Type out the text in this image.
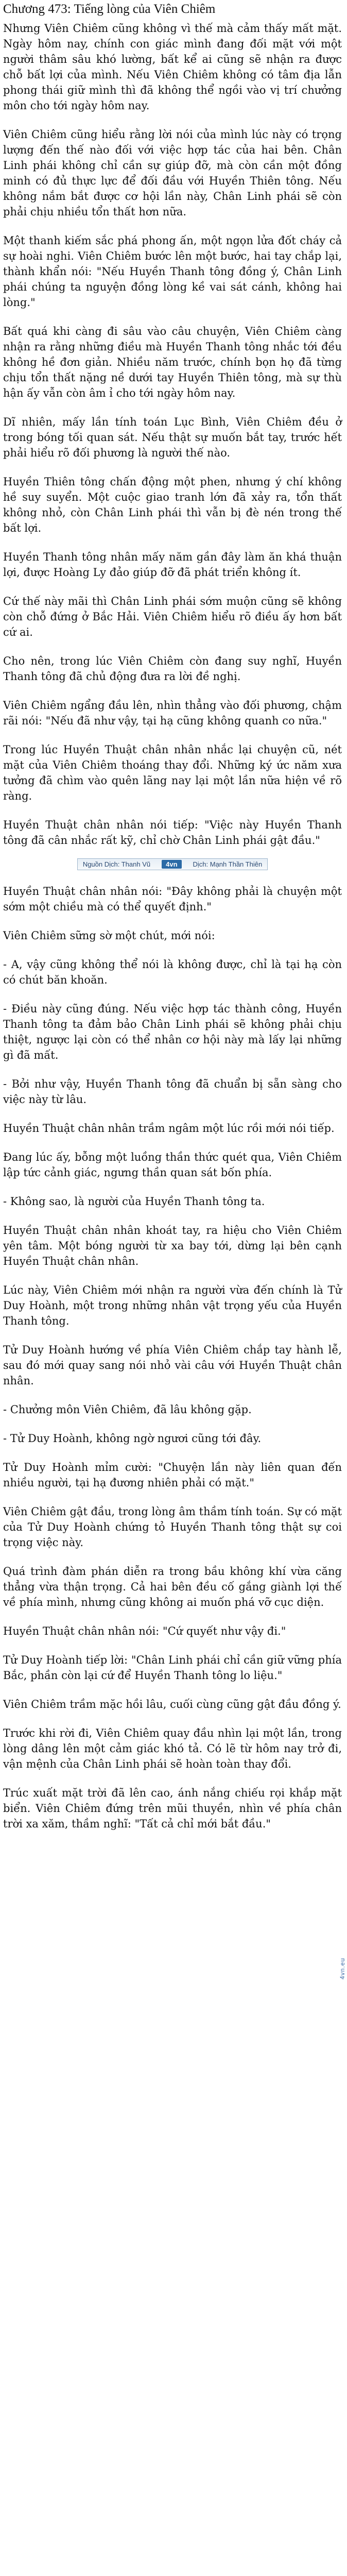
Chương 473: Tiếng lòng của Viên Chiêm

Nhưng Viên Chiêm cũng không vì thế mà cảm thấy mất mặt. Ngày hôm nay, chính con giác mình đang đối mặt với một người thâm sâu khó lường, bất kể ai cũng sẽ nhận ra được chỗ bất lợi của mình. Nếu Viên Chiêm không có tâm địa lẫn phong thái giữ mình thì đã không thể ngồi vào vị trí chưởng môn cho tới ngày hôm nay.

Viên Chiêm cũng hiểu rằng lời nói của mình lúc này có trọng lượng đến thế nào đối với việc hợp tác của hai bên. Chân Linh phái không chỉ cần sự giúp đỡ, mà còn cần một đồng minh có đủ thực lực để đối đầu với Huyền Thiên tông. Nếu không nắm bắt được cơ hội lần này, Chân Linh phái sẽ còn phải chịu nhiều tổn thất hơn nữa.

Một thanh kiếm sắc phá phong ấn, một ngọn lửa đốt cháy cả sự hoài nghi. Viên Chiêm bước lên một bước, hai tay chắp lại, thành khẩn nói: "Nếu Huyền Thanh tông đồng ý, Chân Linh phái chúng ta nguyện đồng lòng kề vai sát cánh, không hai lòng."

Bất quá khi càng đi sâu vào câu chuyện, Viên Chiêm càng nhận ra rằng những điều mà Huyền Thanh tông nhắc tới đều không hề đơn giản. Nhiều năm trước, chính bọn họ đã từng chịu tổn thất nặng nề dưới tay Huyền Thiên tông, mà sự thù hận ấy vẫn còn âm ỉ cho tới ngày hôm nay.

Dĩ nhiên, mấy lần tính toán Lục Bình, Viên Chiêm đều ở trong bóng tối quan sát. Nếu thật sự muốn bắt tay, trước hết phải hiểu rõ đối phương là người thế nào.

Huyền Thiên tông chấn động một phen, nhưng ý chí không hề suy suyển. Một cuộc giao tranh lớn đã xảy ra, tổn thất không nhỏ, còn Chân Linh phái thì vẫn bị đè nén trong thế bất lợi.

Huyền Thanh tông nhân mấy năm gần đây làm ăn khá thuận lợi, được Hoàng Ly đảo giúp đỡ đã phát triển không ít.

Cứ thế này mãi thì Chân Linh phái sớm muộn cũng sẽ không còn chỗ đứng ở Bắc Hải. Viên Chiêm hiểu rõ điều ấy hơn bất cứ ai.

Cho nên, trong lúc Viên Chiêm còn đang suy nghĩ, Huyền Thanh tông đã chủ động đưa ra lời đề nghị.

Viên Chiêm ngẩng đầu lên, nhìn thẳng vào đối phương, chậm rãi nói: "Nếu đã như vậy, tại hạ cũng không quanh co nữa."

Trong lúc Huyền Thuật chân nhân nhắc lại chuyện cũ, nét mặt của Viên Chiêm thoáng thay đổi. Những ký ức năm xưa tưởng đã chìm vào quên lãng nay lại một lần nữa hiện về rõ ràng.

Huyền Thuật chân nhân nói tiếp: "Việc này Huyền Thanh tông đã cân nhắc rất kỹ, chỉ chờ Chân Linh phái gật đầu."

Nguồn Dịch: Thanh Vũ	4vn	Dịch: Mạnh Thần Thiên

Huyền Thuật chân nhân nói: "Đây không phải là chuyện một sớm một chiều mà có thể quyết định."

Viên Chiêm sững sờ một chút, mới nói:

- A, vậy cũng không thể nói là không được, chỉ là tại hạ còn có chút băn khoăn.

- Điều này cũng đúng. Nếu việc hợp tác thành công, Huyền Thanh tông ta đảm bảo Chân Linh phái sẽ không phải chịu thiệt, ngược lại còn có thể nhân cơ hội này mà lấy lại những gì đã mất.

- Bởi như vậy, Huyền Thanh tông đã chuẩn bị sẵn sàng cho việc này từ lâu.

Huyền Thuật chân nhân trầm ngâm một lúc rồi mới nói tiếp.

Đang lúc ấy, bỗng một luồng thần thức quét qua, Viên Chiêm lập tức cảnh giác, ngưng thần quan sát bốn phía.

- Không sao, là người của Huyền Thanh tông ta.

Huyền Thuật chân nhân khoát tay, ra hiệu cho Viên Chiêm yên tâm. Một bóng người từ xa bay tới, dừng lại bên cạnh Huyền Thuật chân nhân.

Lúc này, Viên Chiêm mới nhận ra người vừa đến chính là Tử Duy Hoành, một trong những nhân vật trọng yếu của Huyền Thanh tông.

Tử Duy Hoành hướng về phía Viên Chiêm chắp tay hành lễ, sau đó mới quay sang nói nhỏ vài câu với Huyền Thuật chân nhân.

- Chưởng môn Viên Chiêm, đã lâu không gặp.

- Tử Duy Hoành, không ngờ ngươi cũng tới đây.

Tử Duy Hoành mỉm cười: "Chuyện lần này liên quan đến nhiều người, tại hạ đương nhiên phải có mặt."

Viên Chiêm gật đầu, trong lòng âm thầm tính toán. Sự có mặt của Tử Duy Hoành chứng tỏ Huyền Thanh tông thật sự coi trọng việc này.

Quá trình đàm phán diễn ra trong bầu không khí vừa căng thẳng vừa thận trọng. Cả hai bên đều cố gắng giành lợi thế về phía mình, nhưng cũng không ai muốn phá vỡ cục diện.

Huyền Thuật chân nhân nói: "Cứ quyết như vậy đi."

Tử Duy Hoành tiếp lời: "Chân Linh phái chỉ cần giữ vững phía Bắc, phần còn lại cứ để Huyền Thanh tông lo liệu."

Viên Chiêm trầm mặc hồi lâu, cuối cùng cũng gật đầu đồng ý.

Trước khi rời đi, Viên Chiêm quay đầu nhìn lại một lần, trong lòng dâng lên một cảm giác khó tả. Có lẽ từ hôm nay trở đi, vận mệnh của Chân Linh phái sẽ hoàn toàn thay đổi.

Trúc xuất mặt trời đã lên cao, ánh nắng chiếu rọi khắp mặt biển. Viên Chiêm đứng trên mũi thuyền, nhìn về phía chân trời xa xăm, thầm nghĩ: "Tất cả chỉ mới bắt đầu."

4vn.eu
